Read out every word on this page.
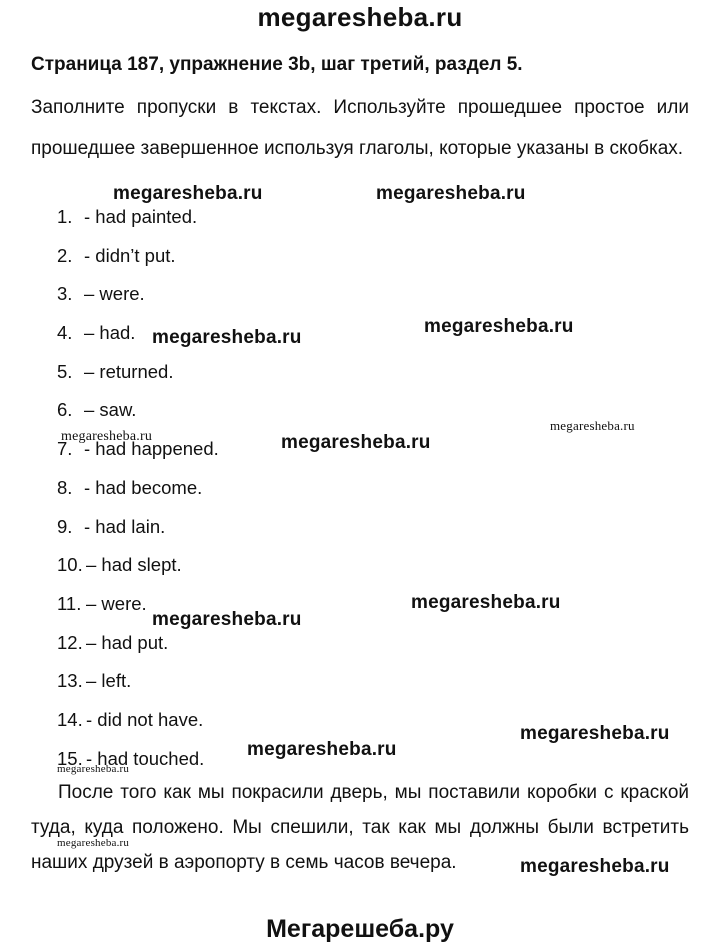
megaresheba.ru
Страница 187, упражнение 3b, шаг третий, раздел 5.
Заполните пропуски в текстах. Используйте прошедшее простое или прошедшее завершенное используя глаголы, которые указаны в скобках.
1. - had painted.
2. - didn’t put.
3. – were.
4. – had.
5. – returned.
6. – saw.
7. - had happened.
8. - had become.
9. - had lain.
10. – had slept.
11. – were.
12. – had put.
13. – left.
14. - did not have.
15. - had touched.
После того как мы покрасили дверь, мы поставили коробки с краской туда, куда положено. Мы спешили, так как мы должны были встретить наших друзей в аэропорту в семь часов вечера.
megaresheba.ru	megaresheba.ru
megaresheba.ru
megaresheba.ru
megaresheba.ru
megaresheba.ru	megaresheba.ru
megaresheba.ru
megaresheba.ru
megaresheba.ru
megaresheba.ru
megaresheba.ru
megaresheba.ru
megaresheba.ru
Мегарешеба.ру
